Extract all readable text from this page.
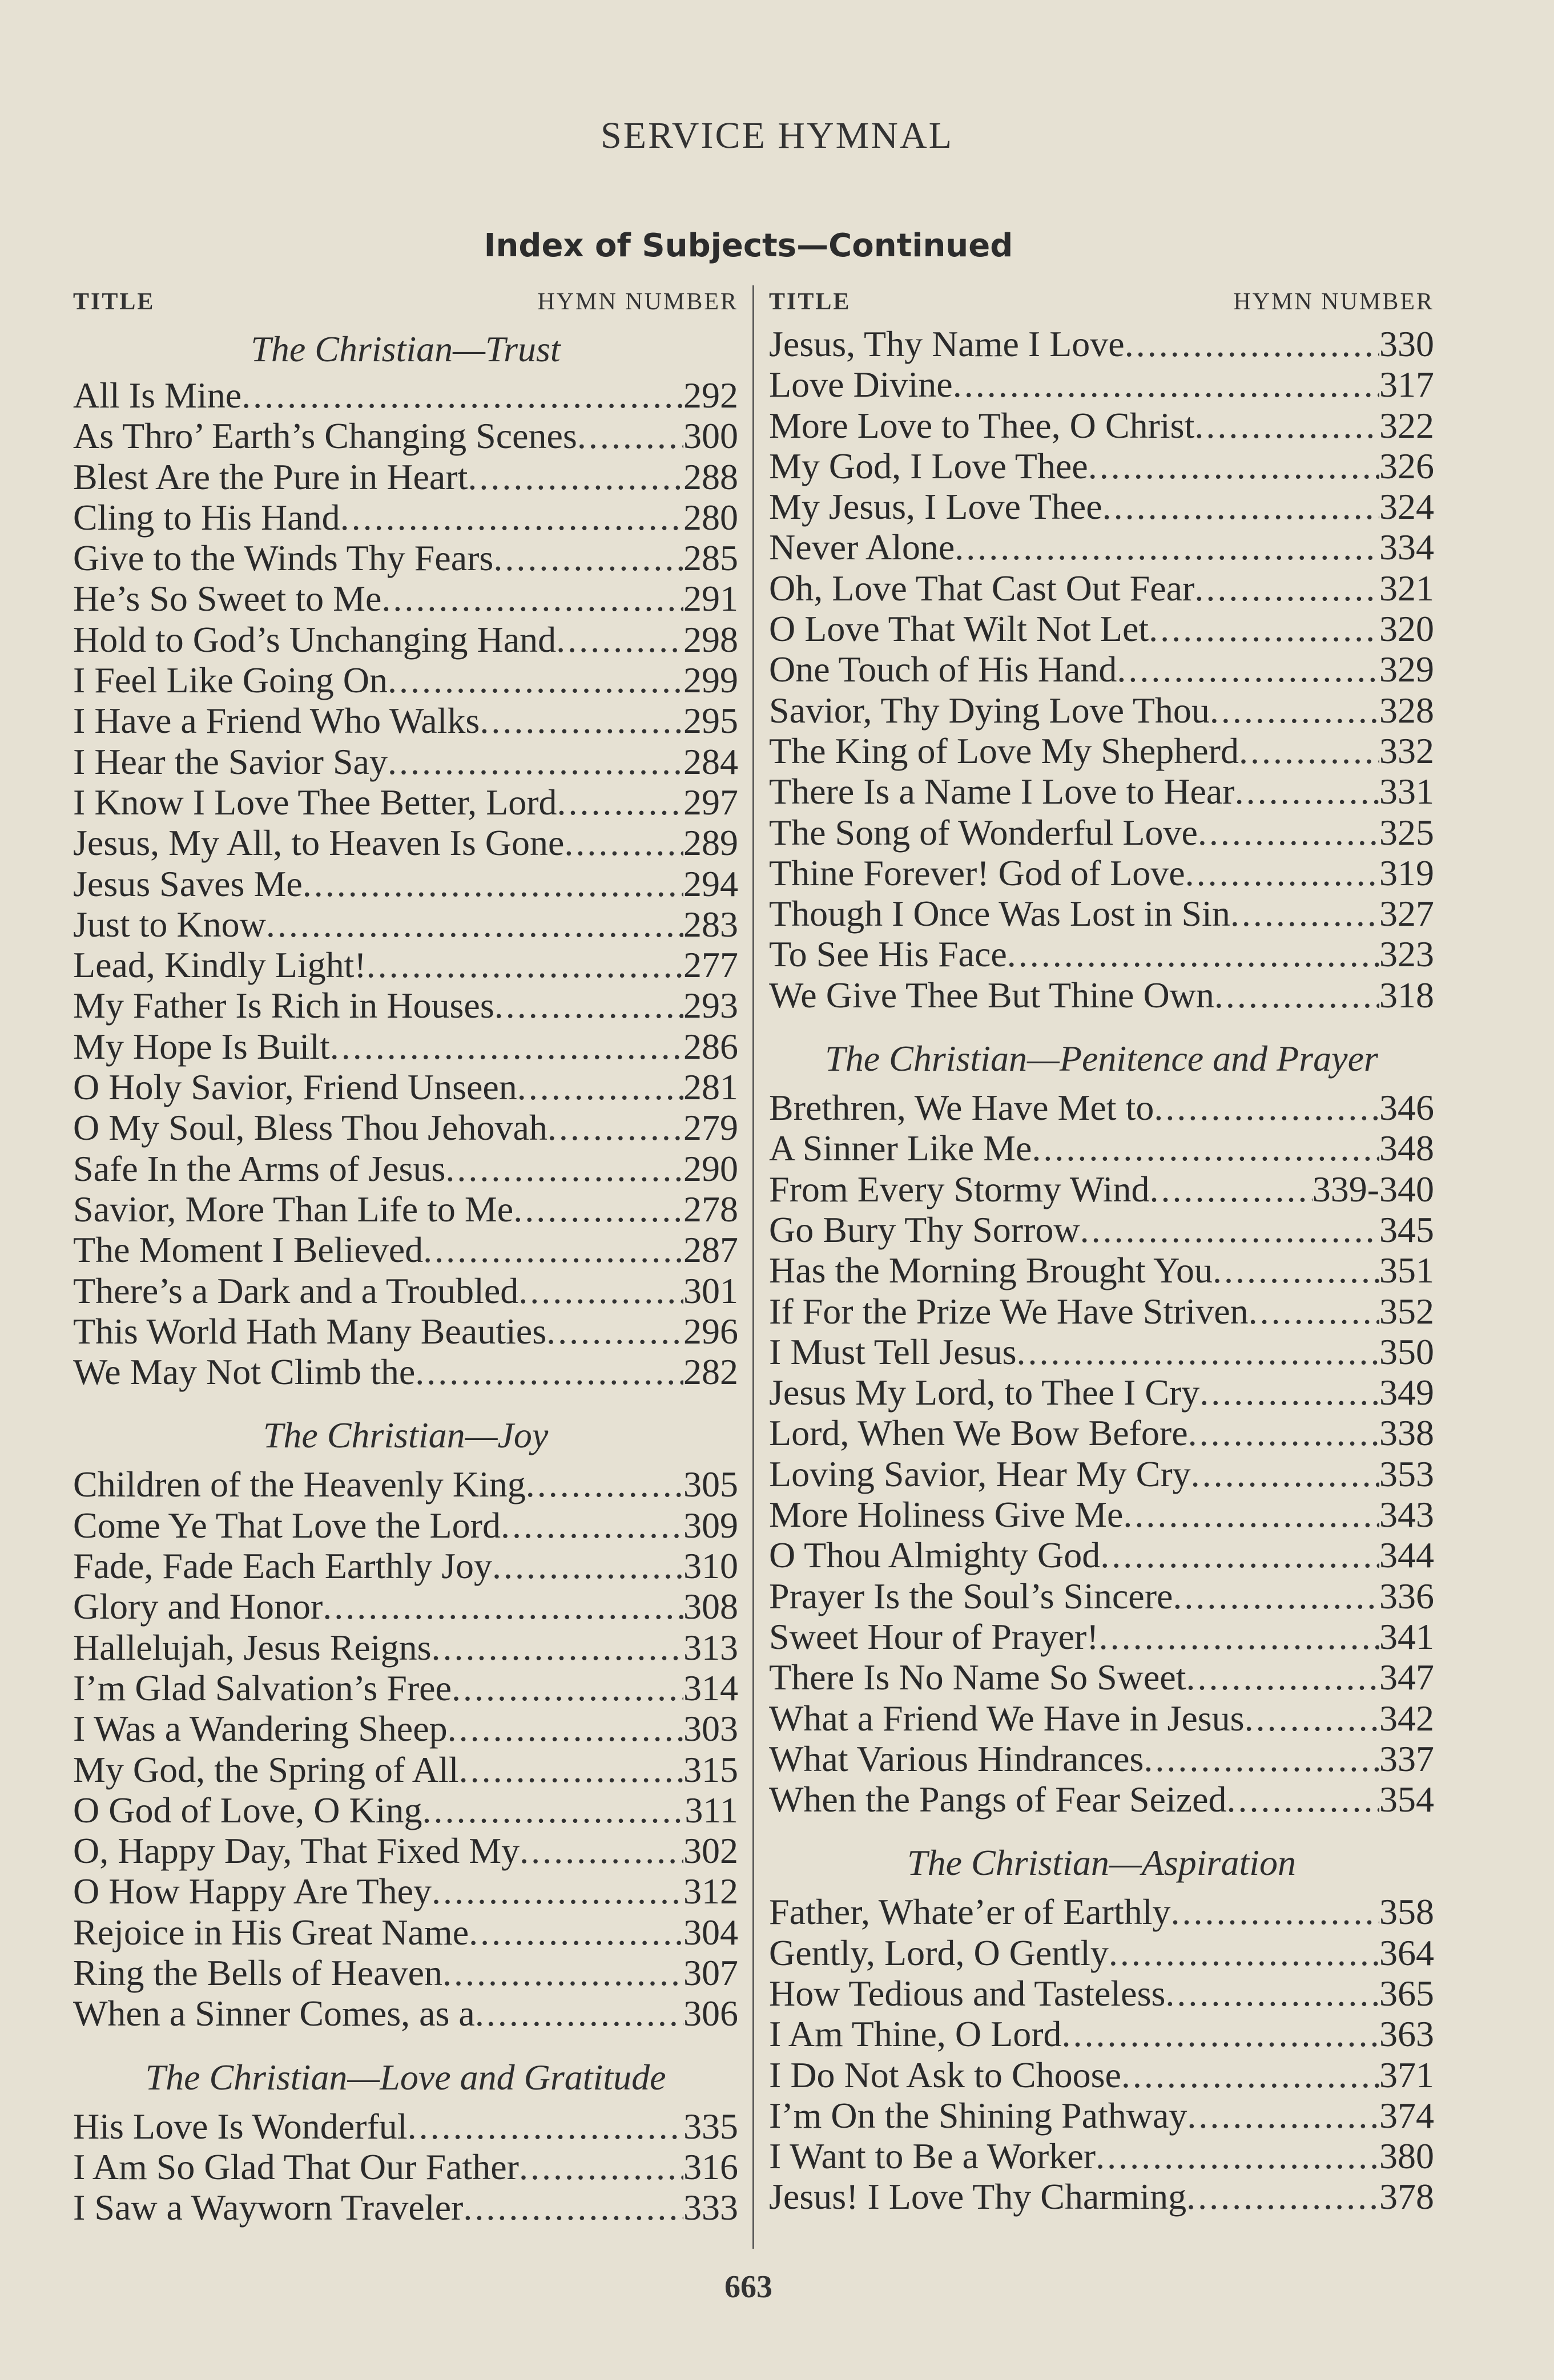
SERVICE HYMNAL
Index of Subjects—Continued
TITLE	HYMN NUMBER
The Christian—Trust
All Is Mine .....	292
As Thro’ Earth’s Changing Scenes .....	300
Blest Are the Pure in Heart .....	288
Cling to His Hand .....	280
Give to the Winds Thy Fears .....	285
He’s So Sweet to Me .....	291
Hold to God’s Unchanging Hand .....	298
I Feel Like Going On .....	299
I Have a Friend Who Walks .....	295
I Hear the Savior Say .....	284
I Know I Love Thee Better, Lord .....	297
Jesus, My All, to Heaven Is Gone .....	289
Jesus Saves Me .....	294
Just to Know .....	283
Lead, Kindly Light! .....	277
My Father Is Rich in Houses .....	293
My Hope Is Built .....	286
O Holy Savior, Friend Unseen .....	281
O My Soul, Bless Thou Jehovah .....	279
Safe In the Arms of Jesus .....	290
Savior, More Than Life to Me .....	278
The Moment I Believed .....	287
There’s a Dark and a Troubled .....	301
This World Hath Many Beauties .....	296
We May Not Climb the .....	282
The Christian—Joy
Children of the Heavenly King .....	305
Come Ye That Love the Lord .....	309
Fade, Fade Each Earthly Joy .....	310
Glory and Honor .....	308
Hallelujah, Jesus Reigns .....	313
I’m Glad Salvation’s Free .....	314
I Was a Wandering Sheep .....	303
My God, the Spring of All .....	315
O God of Love, O King .....	311
O, Happy Day, That Fixed My .....	302
O How Happy Are They .....	312
Rejoice in His Great Name .....	304
Ring the Bells of Heaven .....	307
When a Sinner Comes, as a .....	306
The Christian—Love and Gratitude
His Love Is Wonderful .....	335
I Am So Glad That Our Father .....	316
I Saw a Wayworn Traveler .....	333
TITLE	HYMN NUMBER
Jesus, Thy Name I Love .....	330
Love Divine .....	317
More Love to Thee, O Christ .....	322
My God, I Love Thee .....	326
My Jesus, I Love Thee .....	324
Never Alone .....	334
Oh, Love That Cast Out Fear .....	321
O Love That Wilt Not Let .....	320
One Touch of His Hand .....	329
Savior, Thy Dying Love Thou .....	328
The King of Love My Shepherd .....	332
There Is a Name I Love to Hear .....	331
The Song of Wonderful Love .....	325
Thine Forever! God of Love .....	319
Though I Once Was Lost in Sin .....	327
To See His Face .....	323
We Give Thee But Thine Own .....	318
The Christian—Penitence and Prayer
Brethren, We Have Met to .....	346
A Sinner Like Me .....	348
From Every Stormy Wind .....	339-340
Go Bury Thy Sorrow .....	345
Has the Morning Brought You .....	351
If For the Prize We Have Striven .....	352
I Must Tell Jesus .....	350
Jesus My Lord, to Thee I Cry .....	349
Lord, When We Bow Before .....	338
Loving Savior, Hear My Cry .....	353
More Holiness Give Me .....	343
O Thou Almighty God .....	344
Prayer Is the Soul’s Sincere .....	336
Sweet Hour of Prayer! .....	341
There Is No Name So Sweet .....	347
What a Friend We Have in Jesus .....	342
What Various Hindrances .....	337
When the Pangs of Fear Seized .....	354
The Christian—Aspiration
Father, Whate’er of Earthly .....	358
Gently, Lord, O Gently .....	364
How Tedious and Tasteless .....	365
I Am Thine, O Lord .....	363
I Do Not Ask to Choose .....	371
I’m On the Shining Pathway .....	374
I Want to Be a Worker .....	380
Jesus! I Love Thy Charming .....	378
663
